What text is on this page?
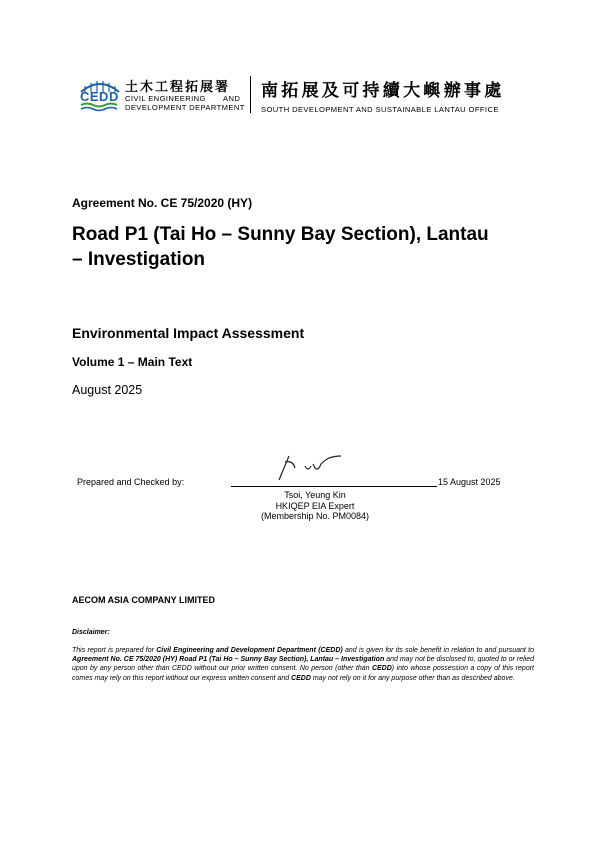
CEDD
土木工程拓展署
CIVIL ENGINEERING AND
DEVELOPMENT DEPARTMENT
南拓展及可持續大嶼辦事處
SOUTH DEVELOPMENT AND SUSTAINABLE LANTAU OFFICE
Agreement No. CE 75/2020 (HY)
Road P1 (Tai Ho – Sunny Bay Section), Lantau
– Investigation
Environmental Impact Assessment
Volume 1 – Main Text
August 2025
Prepared and Checked by:	15 August 2025
Tsoi, Yeung Kin
HKIQEP EIA Expert
(Membership No. PM0084)
AECOM ASIA COMPANY LIMITED
Disclaimer:
This report is prepared for Civil Engineering and Development Department (CEDD) and is given for its sole benefit in relation to and pursuant to Agreement No. CE 75/2020 (HY) Road P1 (Tai Ho – Sunny Bay Section), Lantau – Investigation and may not be disclosed to, quoted to or relied upon by any person other than CEDD without our prior written consent. No person (other than CEDD) into whose possession a copy of this report comes may rely on this report without our express written consent and CEDD may not rely on it for any purpose other than as described above.
